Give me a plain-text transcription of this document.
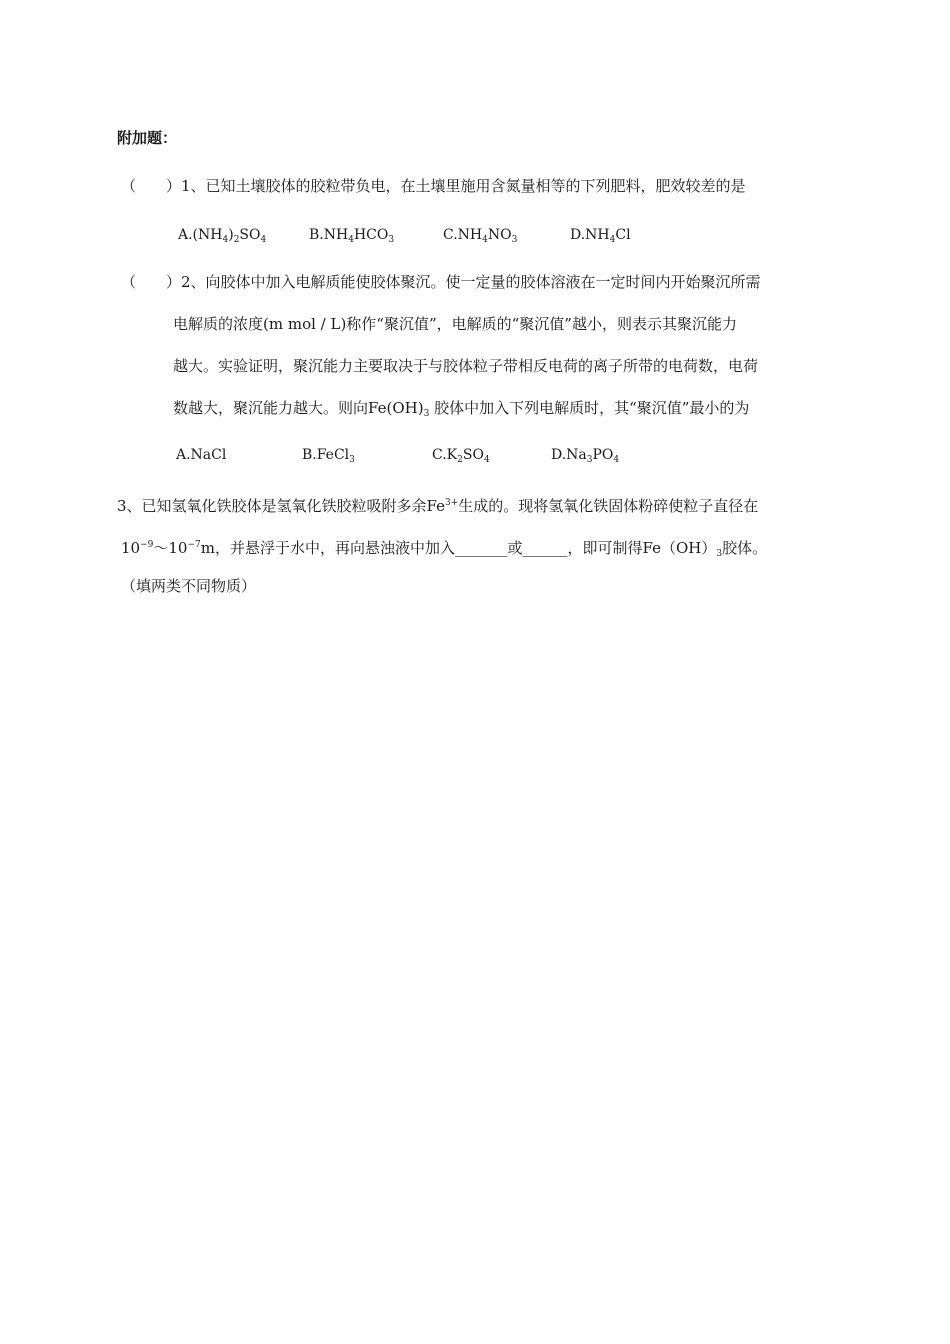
附加题：
（　　）1、已知土壤胶体的胶粒带负电，在土壤里施用含氮量相等的下列肥料，肥效较差的是
$A.(NH_4)_2SO_4$	$B.NH_4HCO_3$	$C.NH_4NO_3$	$D.NH_4Cl$
（　　）2、向胶体中加入电解质能使胶体聚沉。使一定量的胶体溶液在一定时间内开始聚沉所需
电解质的浓度(m mol / L)称作“聚沉值”，电解质的“聚沉值”越小，则表示其聚沉能力
越大。实验证明，聚沉能力主要取决于与胶体粒子带相反电荷的离子所带的电荷数，电荷
数越大，聚沉能力越大。则向$Fe(OH)_3$ 胶体中加入下列电解质时，其“聚沉值”最小的为
A.NaCl	B.FeCl$_3$	$C.K_2SO_4$	$D.Na_3PO_4$
3、已知氢氧化铁胶体是氢氧化铁胶粒吸附多余$Fe^{3+}$生成的。现将氢氧化铁固体粉碎使粒子直径在
$10^{-9}\sim 10^{-7}m$，并悬浮于水中，再向悬浊液中加入_______或______，即可制得$Fe(OH)_3$胶体。
（填两类不同物质）
